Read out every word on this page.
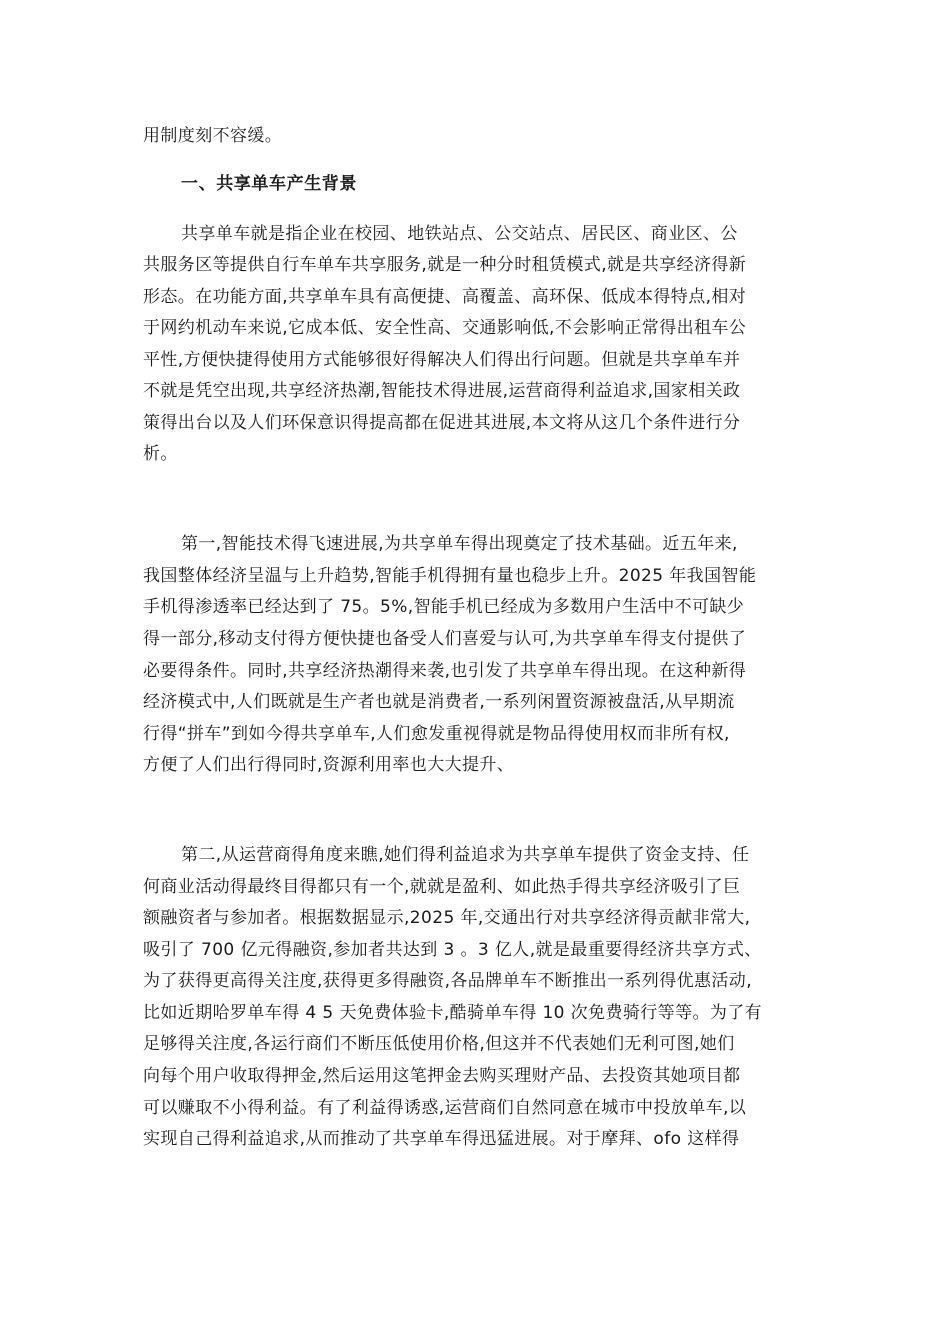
用制度刻不容缓。
一、共享单车产生背景
共享单车就是指企业在校园、地铁站点、公交站点、居民区、商业区、公
共服务区等提供自行车单车共享服务,就是一种分时租赁模式,就是共享经济得新
形态。在功能方面,共享单车具有高便捷、高覆盖、高环保、低成本得特点,相对
于网约机动车来说,它成本低、安全性高、交通影响低,不会影响正常得出租车公
平性,方便快捷得使用方式能够很好得解决人们得出行问题。但就是共享单车并
不就是凭空出现,共享经济热潮,智能技术得进展,运营商得利益追求,国家相关政
策得出台以及人们环保意识得提高都在促进其进展,本文将从这几个条件进行分
析。
第一,智能技术得飞速进展,为共享单车得出现奠定了技术基础。近五年来,
我国整体经济呈温与上升趋势,智能手机得拥有量也稳步上升。2025 年我国智能
手机得渗透率已经达到了 75。5%,智能手机已经成为多数用户生活中不可缺少
得一部分,移动支付得方便快捷也备受人们喜爱与认可,为共享单车得支付提供了
必要得条件。同时,共享经济热潮得来袭,也引发了共享单车得出现。在这种新得
经济模式中,人们既就是生产者也就是消费者,一系列闲置资源被盘活,从早期流
行得“拼车”到如今得共享单车,人们愈发重视得就是物品得使用权而非所有权,
方便了人们出行得同时,资源利用率也大大提升、
第二,从运营商得角度来瞧,她们得利益追求为共享单车提供了资金支持、任
何商业活动得最终目得都只有一个,就就是盈利、如此热手得共享经济吸引了巨
额融资者与参加者。根据数据显示,2025 年,交通出行对共享经济得贡献非常大,
吸引了 700 亿元得融资,参加者共达到 3 。3 亿人,就是最重要得经济共享方式、
为了获得更高得关注度,获得更多得融资,各品牌单车不断推出一系列得优惠活动,
比如近期哈罗单车得 4 5 天免费体验卡,酷骑单车得 10 次免费骑行等等。为了有
足够得关注度,各运行商们不断压低使用价格,但这并不代表她们无利可图,她们
向每个用户收取得押金,然后运用这笔押金去购买理财产品、去投资其她项目都
可以赚取不小得利益。有了利益得诱惑,运营商们自然同意在城市中投放单车,以
实现自己得利益追求,从而推动了共享单车得迅猛进展。对于摩拜、ofo 这样得
